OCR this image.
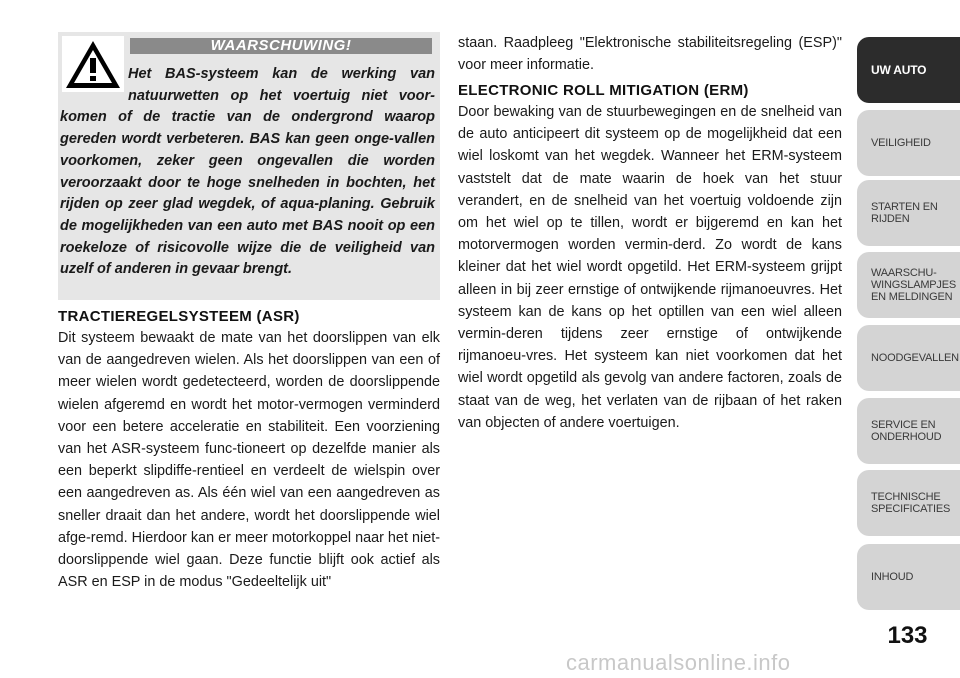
WAARSCHUWING!
Het BAS-systeem kan de werking van natuurwetten op het voertuig niet voor-komen of de tractie van de ondergrond waarop gereden wordt verbeteren. BAS kan geen onge-vallen voorkomen, zeker geen ongevallen die worden veroorzaakt door te hoge snelheden in bochten, het rijden op zeer glad wegdek, of aqua-planing. Gebruik de mogelijkheden van een auto met BAS nooit op een roekeloze of risicovolle wijze die de veiligheid van uzelf of anderen in gevaar brengt.
TRACTIEREGELSYSTEEM (ASR)
Dit systeem bewaakt de mate van het doorslippen van elk van de aangedreven wielen. Als het doorslippen van een of meer wielen wordt gedetecteerd, worden de doorslippende wielen afgeremd en wordt het motor-vermogen verminderd voor een betere acceleratie en stabiliteit. Een voorziening van het ASR-systeem func-tioneert op dezelfde manier als een beperkt slipdiffe-rentieel en verdeelt de wielspin over een aangedreven as. Als één wiel van een aangedreven as sneller draait dan het andere, wordt het doorslippende wiel afge-remd. Hierdoor kan er meer motorkoppel naar het niet-doorslippende wiel gaan. Deze functie blijft ook actief als ASR en ESP in de modus "Gedeeltelijk uit"
staan. Raadpleeg "Elektronische stabiliteitsregeling (ESP)" voor meer informatie.
ELECTRONIC ROLL MITIGATION (ERM)
Door bewaking van de stuurbewegingen en de snelheid van de auto anticipeert dit systeem op de mogelijkheid dat een wiel loskomt van het wegdek. Wanneer het ERM-systeem vaststelt dat de mate waarin de hoek van het stuur verandert, en de snelheid van het voertuig voldoende zijn om het wiel op te tillen, wordt er bijgeremd en kan het motorvermogen worden vermin-derd. Zo wordt de kans kleiner dat het wiel wordt opgetild. Het ERM-systeem grijpt alleen in bij zeer ernstige of ontwijkende rijmanoeuvres. Het systeem kan de kans op het optillen van een wiel alleen vermin-deren tijdens zeer ernstige of ontwijkende rijmanoeu-vres. Het systeem kan niet voorkomen dat het wiel wordt opgetild als gevolg van andere factoren, zoals de staat van de weg, het verlaten van de rijbaan of het raken van objecten of andere voertuigen.
UW AUTO
VEILIGHEID
STARTEN EN
RIJDEN
WAARSCHU-
WINGSLAMPJES
EN MELDINGEN
NOODGEVALLEN
SERVICE EN
ONDERHOUD
TECHNISCHE
SPECIFICATIES
INHOUD
133
carmanualsonline.info
